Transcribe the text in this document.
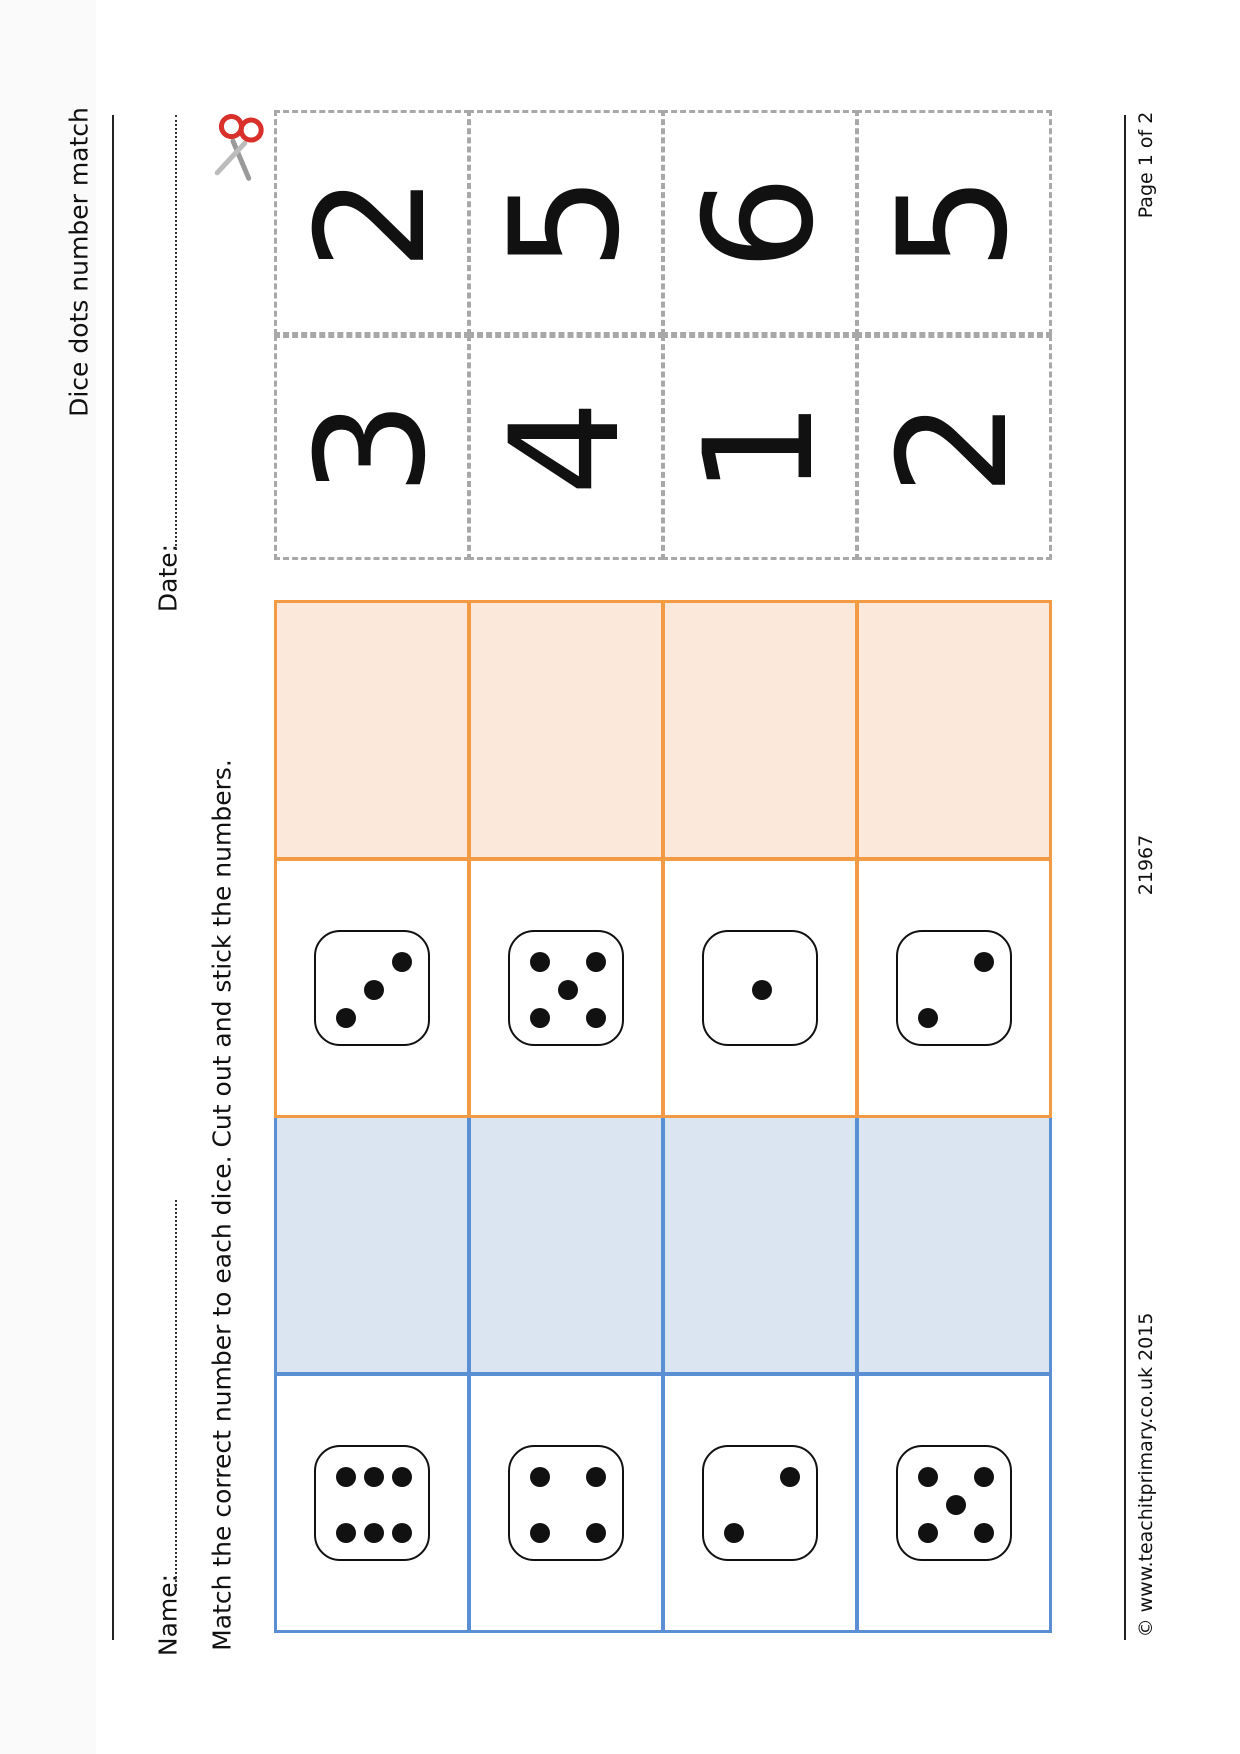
Dice dots number match
Name:
Date:
Match the correct number to each dice. Cut out and stick the numbers.
3 4 1 2
2 5 6 5
© www.teachitprimary.co.uk 2015
21967
Page 1 of 2
